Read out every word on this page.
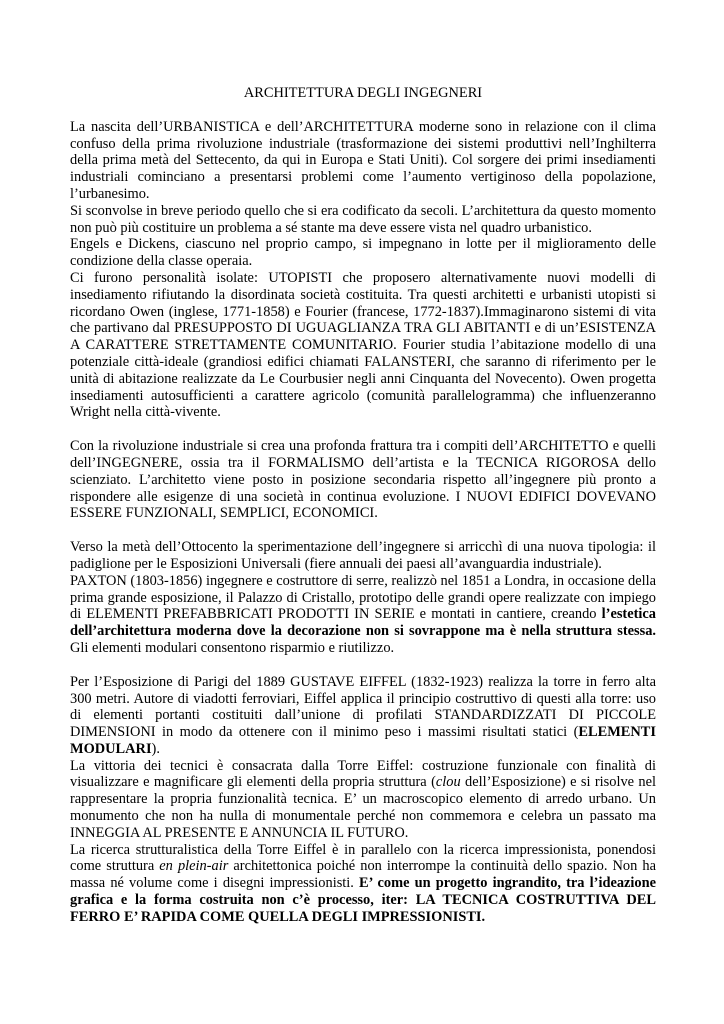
ARCHITETTURA DEGLI INGEGNERI

La nascita dell’URBANISTICA e dell’ARCHITETTURA moderne sono in relazione con il clima confuso della prima rivoluzione industriale (trasformazione dei sistemi produttivi nell’Inghilterra della prima metà del Settecento, da qui in Europa e Stati Uniti). Col sorgere dei primi insediamenti industriali cominciano a presentarsi problemi come l’aumento vertiginoso della popolazione, l’urbanesimo.

Si sconvolse in breve periodo quello che si era codificato da secoli. L’architettura da questo momento non può più costituire un problema a sé stante ma deve essere vista nel quadro urbanistico.

Engels e Dickens, ciascuno nel proprio campo, si impegnano in lotte per il miglioramento delle condizione della classe operaia.

Ci furono personalità isolate: UTOPISTI che proposero alternativamente nuovi modelli di insediamento rifiutando la disordinata società costituita. Tra questi architetti e urbanisti utopisti si ricordano Owen (inglese, 1771-1858) e Fourier (francese, 1772-1837).Immaginarono sistemi di vita che partivano dal PRESUPPOSTO DI UGUAGLIANZA TRA GLI ABITANTI e di un’ESISTENZA A CARATTERE STRETTAMENTE COMUNITARIO. Fourier studia l’abitazione modello di una potenziale città-ideale (grandiosi edifici chiamati FALANSTERI, che saranno di riferimento per le unità di abitazione realizzate da Le Courbusier negli anni Cinquanta del Novecento). Owen progetta insediamenti autosufficienti a carattere agricolo (comunità parallelogramma) che influenzeranno Wright nella città-vivente.

Con la rivoluzione industriale si crea una profonda frattura tra i compiti dell’ARCHITETTO e quelli dell’INGEGNERE, ossia tra il FORMALISMO dell’artista e la TECNICA RIGOROSA dello scienziato. L’architetto viene posto in posizione secondaria rispetto all’ingegnere più pronto a rispondere alle esigenze di una società in continua evoluzione. I NUOVI EDIFICI DOVEVANO ESSERE FUNZIONALI, SEMPLICI, ECONOMICI.

Verso la metà dell’Ottocento la sperimentazione dell’ingegnere si arricchì di una nuova tipologia: il padiglione per le Esposizioni Universali (fiere annuali dei paesi all’avanguardia industriale).

PAXTON (1803-1856) ingegnere e costruttore di serre, realizzò nel 1851 a Londra, in occasione della prima grande esposizione, il Palazzo di Cristallo, prototipo delle grandi opere realizzate con impiego di ELEMENTI PREFABBRICATI PRODOTTI IN SERIE e montati in cantiere, creando l’estetica dell’architettura moderna dove la decorazione non si sovrappone ma è nella struttura stessa. Gli elementi modulari consentono risparmio e riutilizzo.

Per l’Esposizione di Parigi del 1889 GUSTAVE EIFFEL (1832-1923) realizza la torre in ferro alta 300 metri. Autore di viadotti ferroviari, Eiffel applica il principio costruttivo di questi alla torre: uso di elementi portanti costituiti dall’unione di profilati STANDARDIZZATI DI PICCOLE DIMENSIONI in modo da ottenere con il minimo peso i massimi risultati statici (ELEMENTI MODULARI).

La vittoria dei tecnici è consacrata dalla Torre Eiffel: costruzione funzionale con finalità di visualizzare e magnificare gli elementi della propria struttura (clou dell’Esposizione) e si risolve nel rappresentare la propria funzionalità tecnica. E’ un macroscopico elemento di arredo urbano. Un monumento che non ha nulla di monumentale perché non commemora e celebra un passato ma INNEGGIA AL PRESENTE E ANNUNCIA IL FUTURO.

La ricerca strutturalistica della Torre Eiffel è in parallelo con la ricerca impressionista, ponendosi come struttura en plein-air architettonica poiché non interrompe la continuità dello spazio. Non ha massa né volume come i disegni impressionisti. E’ come un progetto ingrandito, tra l’ideazione grafica e la forma costruita non c’è processo, iter: LA TECNICA COSTRUTTIVA DEL FERRO E’ RAPIDA COME QUELLA DEGLI IMPRESSIONISTI.
